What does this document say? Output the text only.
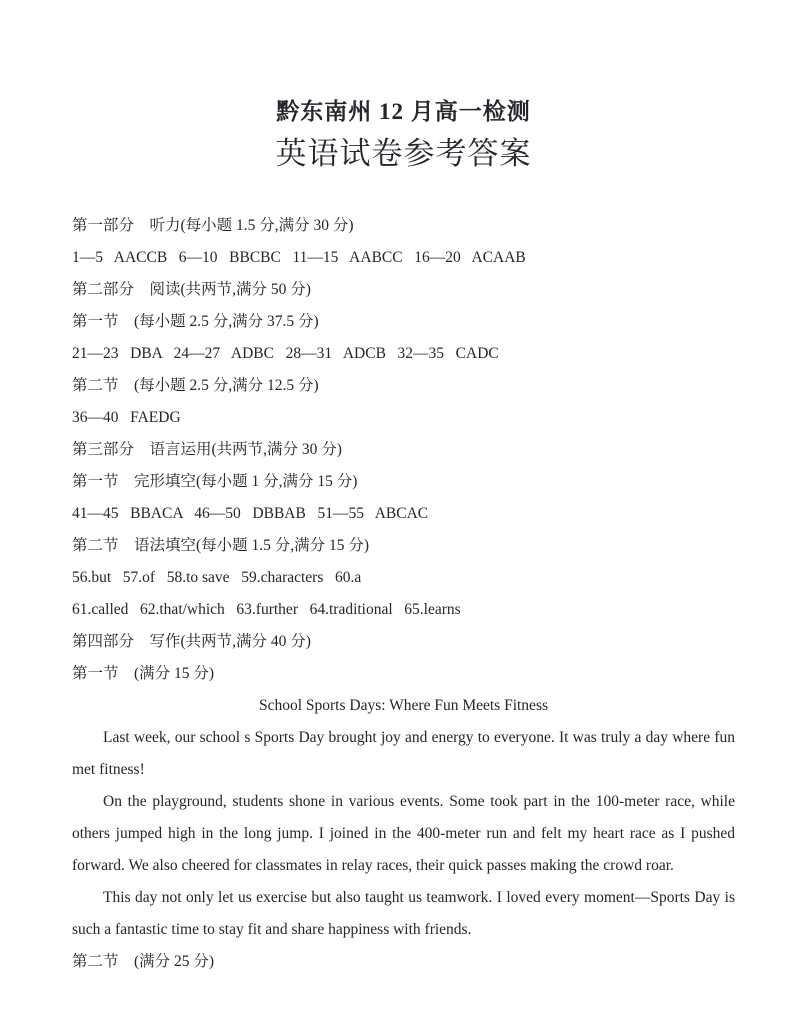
黔东南州 12 月高一检测
英语试卷参考答案
第一部分　听力(每小题 1.5 分,满分 30 分)
1—5   AACCB   6—10   BBCBC   11—15   AABCC   16—20   ACAAB
第二部分　阅读(共两节,满分 50 分)
第一节　(每小题 2.5 分,满分 37.5 分)
21—23   DBA   24—27   ADBC   28—31   ADCB   32—35   CADC
第二节　(每小题 2.5 分,满分 12.5 分)
36—40   FAEDG
第三部分　语言运用(共两节,满分 30 分)
第一节　完形填空(每小题 1 分,满分 15 分)
41—45   BBACA   46—50   DBBAB   51—55   ABCAC
第二节　语法填空(每小题 1.5 分,满分 15 分)
56.but   57.of   58.to save   59.characters   60.a
61.called   62.that/which   63.further   64.traditional   65.learns
第四部分　写作(共两节,满分 40 分)
第一节　(满分 15 分)
School Sports Days: Where Fun Meets Fitness

Last week, our school s Sports Day brought joy and energy to everyone. It was truly a day where fun met fitness!

On the playground, students shone in various events. Some took part in the 100-meter race, while others jumped high in the long jump. I joined in the 400-meter run and felt my heart race as I pushed forward. We also cheered for classmates in relay races, their quick passes making the crowd roar.

This day not only let us exercise but also taught us teamwork. I loved every moment—Sports Day is such a fantastic time to stay fit and share happiness with friends.

第二节　(满分 25 分)
